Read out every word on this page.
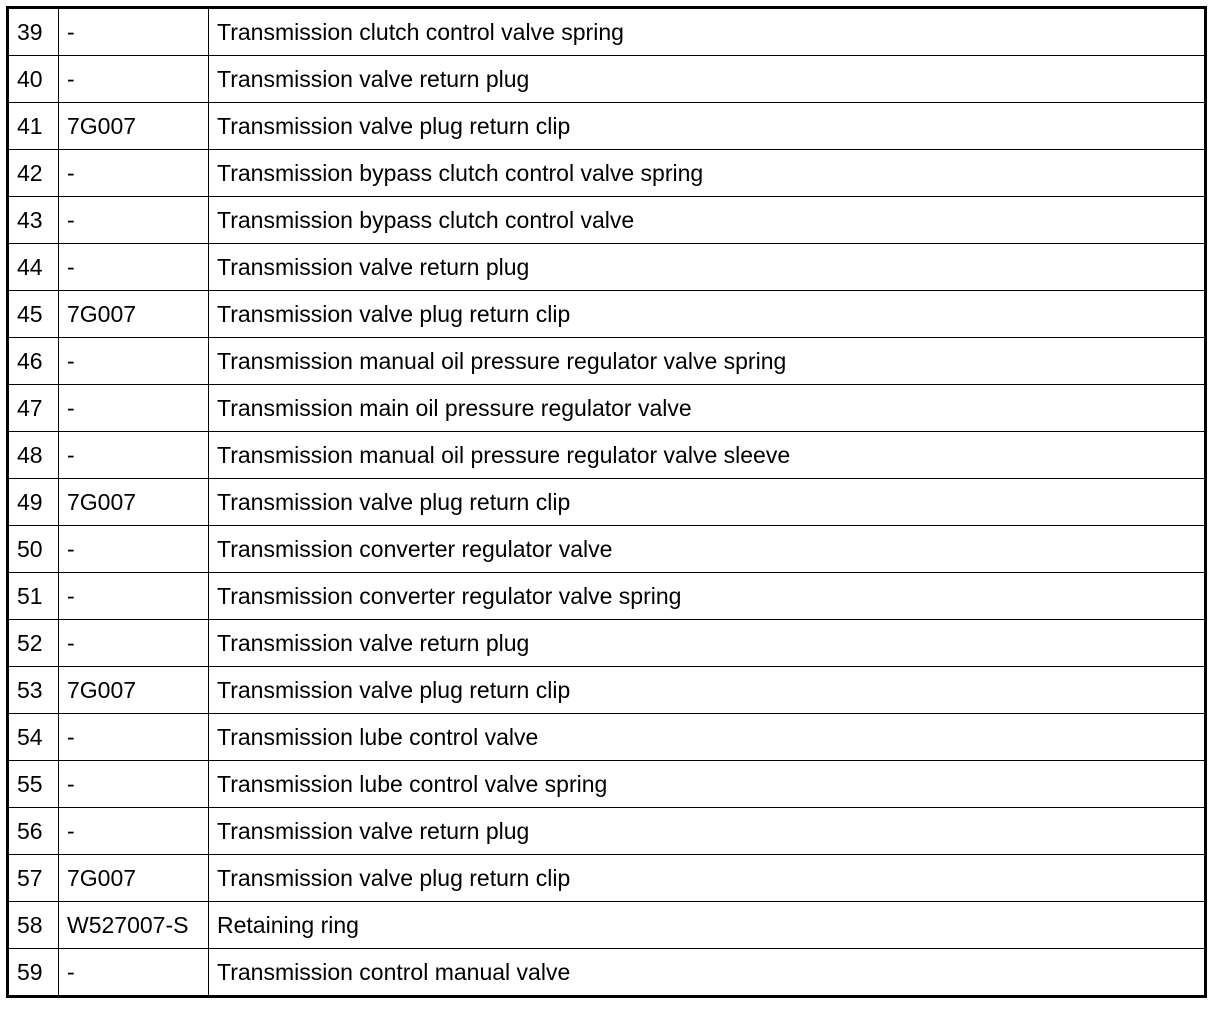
39	-	Transmission clutch control valve spring
40	-	Transmission valve return plug
41	7G007	Transmission valve plug return clip
42	-	Transmission bypass clutch control valve spring
43	-	Transmission bypass clutch control valve
44	-	Transmission valve return plug
45	7G007	Transmission valve plug return clip
46	-	Transmission manual oil pressure regulator valve spring
47	-	Transmission main oil pressure regulator valve
48	-	Transmission manual oil pressure regulator valve sleeve
49	7G007	Transmission valve plug return clip
50	-	Transmission converter regulator valve
51	-	Transmission converter regulator valve spring
52	-	Transmission valve return plug
53	7G007	Transmission valve plug return clip
54	-	Transmission lube control valve
55	-	Transmission lube control valve spring
56	-	Transmission valve return plug
57	7G007	Transmission valve plug return clip
58	W527007-S	Retaining ring
59	-	Transmission control manual valve
